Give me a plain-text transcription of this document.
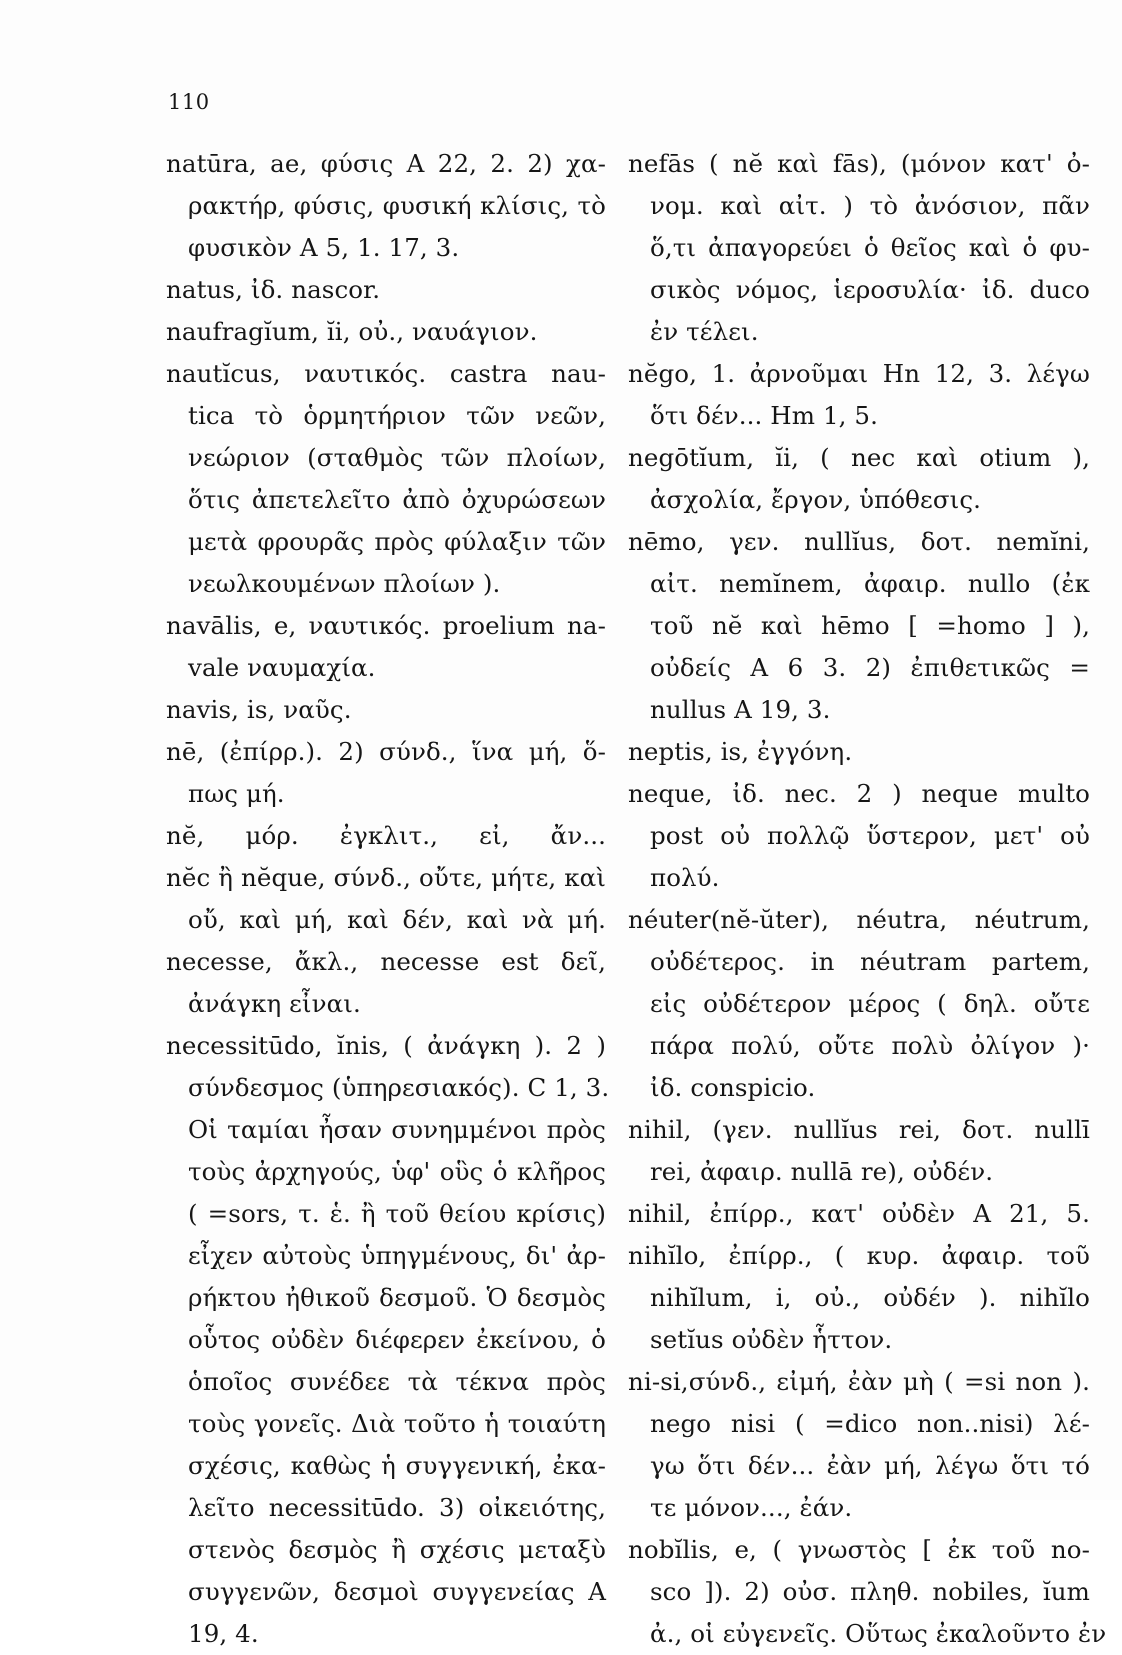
110
natūra, ae, φύσις Α 22, 2. 2) χα-
ρακτήρ, φύσις, φυσική κλίσις, τὸ
φυσικὸν Α 5, 1. 17, 3.
natus, ἰδ. nascor.
naufragĭum, ĭi, οὐ., ναυάγιον.
nautĭcus, ναυτικός. castra nau-
tica τὸ ὁρμητήριον τῶν νεῶν,
νεώριον (σταθμὸς τῶν πλοίων,
ὅτις ἀπετελεῖτο ἀπὸ ὀχυρώσεων
μετὰ φρουρᾶς πρὸς φύλαξιν τῶν
νεωλκουμένων πλοίων ).
navālis, e, ναυτικός. proelium na-
vale ναυμαχία.
navis, is, ναῦς.
nē, (ἐπίρρ.). 2) σύνδ., ἵνα μή, ὅ-
πως μή.
nĕ, μόρ. ἐγκλιτ., εἰ, ἄν...
nĕc ἢ nĕque, σύνδ., οὔτε, μήτε, καὶ
οὔ, καὶ μή, καὶ δέν, καὶ νὰ μή.
necesse, ἄκλ., necesse est δεῖ,
ἀνάγκη εἶναι.
necessitūdo, ĭnis, ( ἀνάγκη ). 2 )
σύνδεσμος (ὑπηρεσιακός). C 1, 3.
Οἱ ταμίαι ἦσαν συνημμένοι πρὸς
τοὺς ἀρχηγούς, ὑφ' οὓς ὁ κλῆρος
( =sors, τ. ἑ. ἢ τοῦ θείου κρίσις)
εἶχεν αὐτοὺς ὑπηγμένους, δι' ἀρ-
ρήκτου ἠθικοῦ δεσμοῦ. Ὁ δεσμὸς
οὗτος οὐδὲν διέφερεν ἐκείνου, ὁ
ὁποῖος συνέδεε τὰ τέκνα πρὸς
τοὺς γονεῖς. Διὰ τοῦτο ἡ τοιαύτη
σχέσις, καθὼς ἡ συγγενική, ἐκα-
λεῖτο necessitūdo. 3) οἰκειότης,
στενὸς δεσμὸς ἢ σχέσις μεταξὺ
συγγενῶν, δεσμοὶ συγγενείας Α
19, 4.
nefās ( nĕ καὶ fās), (μόνον κατ' ὀ-
νομ. καὶ αἰτ. ) τὸ ἀνόσιον, πᾶν
ὅ,τι ἀπαγορεύει ὁ θεῖος καὶ ὁ φυ-
σικὸς νόμος, ἱεροσυλία· ἰδ. duco
ἐν τέλει.
nĕgo, 1. ἀρνοῦμαι Hn 12, 3. λέγω
ὅτι δέν... Hm 1, 5.
negōtĭum, ĭi, ( nec καὶ otium ),
ἀσχολία, ἔργον, ὑπόθεσις.
nēmo, γεν. nullĭus, δοτ. nemĭni,
αἰτ. nemĭnem, ἀφαιρ. nullo (ἐκ
τοῦ nĕ καὶ hēmo [ =homo ] ),
οὐδείς Α 6 3. 2) ἐπιθετικῶς =
nullus Α 19, 3.
neptis, is, ἐγγόνη.
neque, ἰδ. nec. 2 ) neque multo
post οὐ πολλῷ ὕστερον, μετ' οὐ
πολύ.
néuter(nĕ-ŭter), néutra, néutrum,
οὐδέτερος. in néutram partem,
εἰς οὐδέτερον μέρος ( δηλ. οὔτε
πάρα πολύ, οὔτε πολὺ ὀλίγον )·
ἰδ. conspicio.
nihil, (γεν. nullĭus rei, δοτ. nullī
rei, ἀφαιρ. nullā re), οὐδέν.
nihil, ἐπίρρ., κατ' οὐδὲν Α 21, 5.
nihĭlo, ἐπίρρ., ( κυρ. ἀφαιρ. τοῦ
nihĭlum, i, οὐ., οὐδέν ). nihĭlo
setĭus οὐδὲν ἧττον.
ni-si,σύνδ., εἰμή, ἐὰν μὴ ( =si non ).
nego nisi ( =dico non..nisi) λέ-
γω ὅτι δέν... ἐὰν μή, λέγω ὅτι τό
τε μόνον..., ἐάν.
nobĭlis, e, ( γνωστὸς [ ἐκ τοῦ no-
sco ]). 2) οὐσ. πληθ. nobiles, ĭum
ἀ., οἱ εὐγενεῖς. Οὕτως ἐκαλοῦντο ἐν
